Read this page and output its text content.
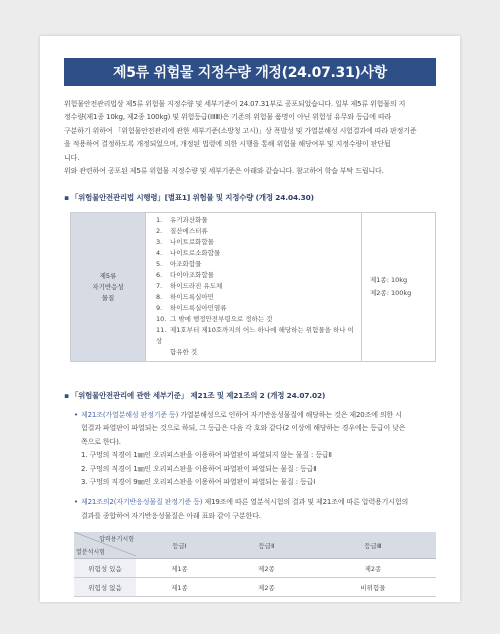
제5류 위험물 지정수량 개정(24.07.31)사항

위험물안전관리법상 제5류 위험물 지정수량 및 세부기준이 24.07.31부로 공포되었습니다. 일부 제5류 위험물의 지

정수량(제1종 10kg, 제2종 100kg) 및 위험등급(ⅠⅡⅢ)은 기존의 위험물 품명이 아닌 위험성 유무와 등급에 따라

구분하기 위하여 「위험물안전관리에 관한 세부기준(소방청 고시)」상 폭발성 및 가열분해성 시험결과에 따라 판정기준

을 적용하여 결정하도록 개정되었으며, 개정된 법령에 의한 시행을 통해 위험물 해당여부 및 지정수량이 판단됩

니다.

위와 관련하여 공포된 제5류 위험물 지정수량 및 세부기준은 아래와 같습니다. 참고하여 학습 부탁 드립니다.

▪ 「위험물안전관리법 시행령」[별표1] 위험물 및 지정수량 (개정 24.04.30)
제5류
자기반응성
물질

1. 유기과산화물
2. 질산에스터류
3. 나이트로화합물
4. 나이트로소화합물
5. 아조화합물
6. 다이아조화합물
7. 하이드라진 유도체
8. 하이드록실아민
9. 하이드록실아민염류
10. 그 밖에 행정안전부령으로 정하는 것
11. 제1호부터 제10호까지의 어느 하나에 해당하는 위험물을 하나 이상
함유한 것

제1종: 10kg
제2종: 100kg
▪ 「위험물안전관리에 관한 세부기준」 제21조 및 제21조의 2 (개정 24.07.02)

• 제21조(가열분해성 판정기준 등) 가열분해성으로 인하여 자기반응성물질에 해당하는 것은 제20조에 의한 시

험결과 파열판이 파열되는 것으로 하되, 그 등급은 다음 각 호와 같다(2 이상에 해당하는 경우에는 등급이 낮은

쪽으로 한다).

1. 구멍의 직경이 1㎜인 오리피스판을 이용하여 파열판이 파열되지 않는 물질 : 등급Ⅱ

2. 구멍의 직경이 1㎜인 오리피스판을 이용하여 파열판이 파열되는 물질 : 등급Ⅱ

3. 구멍의 직경이 9㎜인 오리피스판을 이용하여 파열판이 파열되는 물질 : 등급Ⅰ

• 제21조의2(자기반응성물질 판정기준 등) 제19조에 따른 열분석시험의 결과 및 제21조에 따른 압력용기시험의

결과를 종합하여 자기반응성물질은 아래 표와 같이 구분한다.

압력용기시험
열분석시험	등급Ⅰ	등급Ⅱ	등급Ⅲ
위험성 있음	제1종	제2종	제2종
위험성 없음	제1종	제2종	비위험물
